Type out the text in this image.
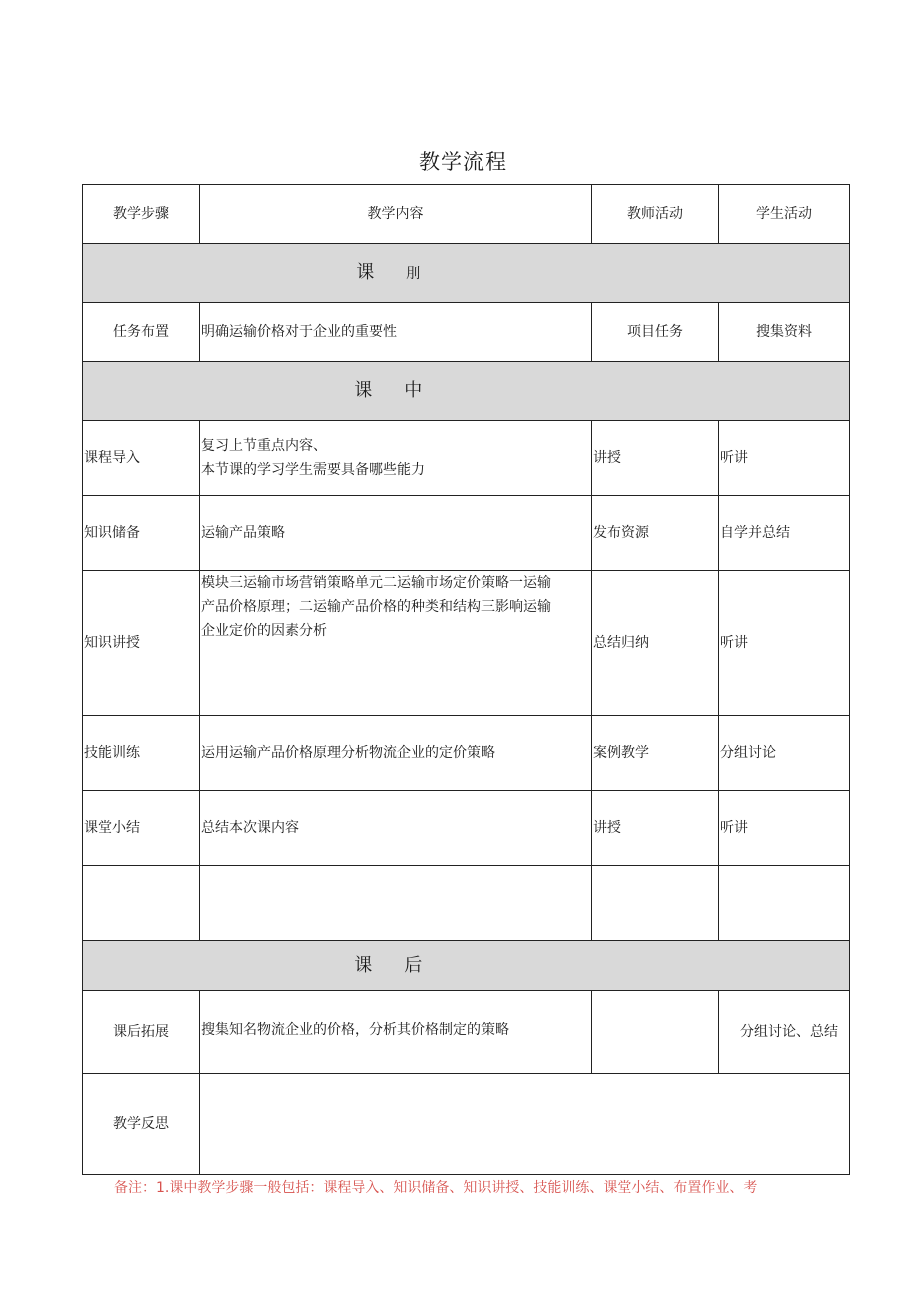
教学流程
教学步骤	教学内容	教师活动	学生活动
	课 刖		
任务布置	明确运输价格对于企业的重要性	项目任务	搜集资料
	课 中		
课程导入	复习上节重点内容、
本节课的学习学生需要具备哪些能力	讲授	听讲
知识储备	运输产品策略	发布资源	自学并总结
知识讲授	模块三运输市场营销策略单元二运输市场定价策略一运输
产品价格原理；二运输产品价格的种类和结构三影响运输
企业定价的因素分析	总结归纳	听讲
技能训练	运用运输产品价格原理分析物流企业的定价策略	案例教学	分组讨论
课堂小结	总结本次课内容	讲授	听讲

	课 后		
课后拓展	搜集知名物流企业的价格，分析其价格制定的策略		分组讨论、总结
教学反思			
备注：1.课中教学步骤一般包括：课程导入、知识储备、知识讲授、技能训练、课堂小结、布置作业、考
